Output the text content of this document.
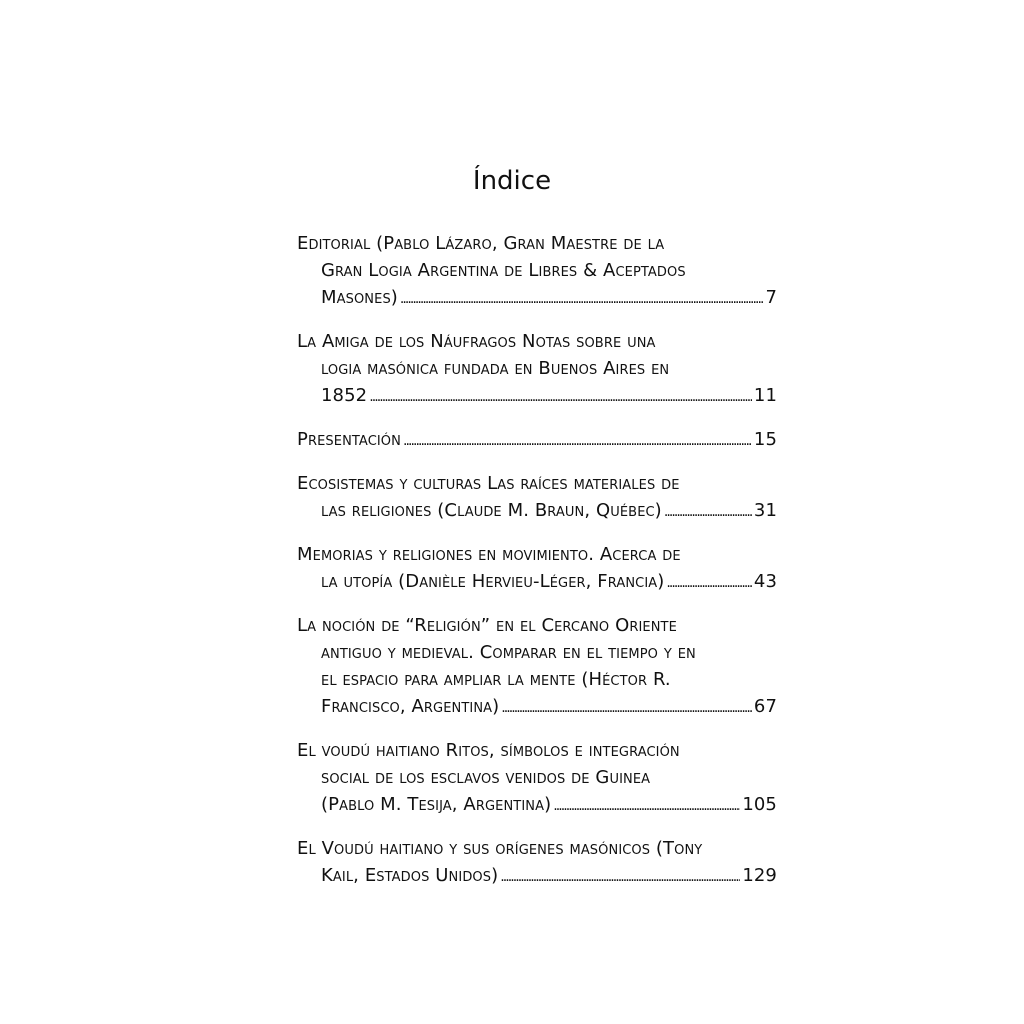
Índice
Editorial (Pablo Lázaro, Gran Maestre de la
Gran Logia Argentina de Libres & Aceptados
Masones) . . .	7
La Amiga de los Náufragos Notas sobre una
logia masónica fundada en Buenos Aires en
1852 . . .	11
Presentación . . .	15
Ecosistemas y culturas Las raíces materiales de
las religiones (Claude M. Braun, Québec) . . .	31
Memorias y religiones en movimiento. Acerca de
la utopía (Danièle Hervieu-Léger, Francia) . . .	43
La noción de “Religión” en el Cercano Oriente
antiguo y medieval. Comparar en el tiempo y en
el espacio para ampliar la mente (Héctor R.
Francisco, Argentina) . . .	67
El voudú haitiano Ritos, símbolos e integración
social de los esclavos venidos de Guinea
(Pablo M. Tesija, Argentina) . . .	105
El Voudú haitiano y sus orígenes masónicos (Tony
Kail, Estados Unidos) . . .	129
